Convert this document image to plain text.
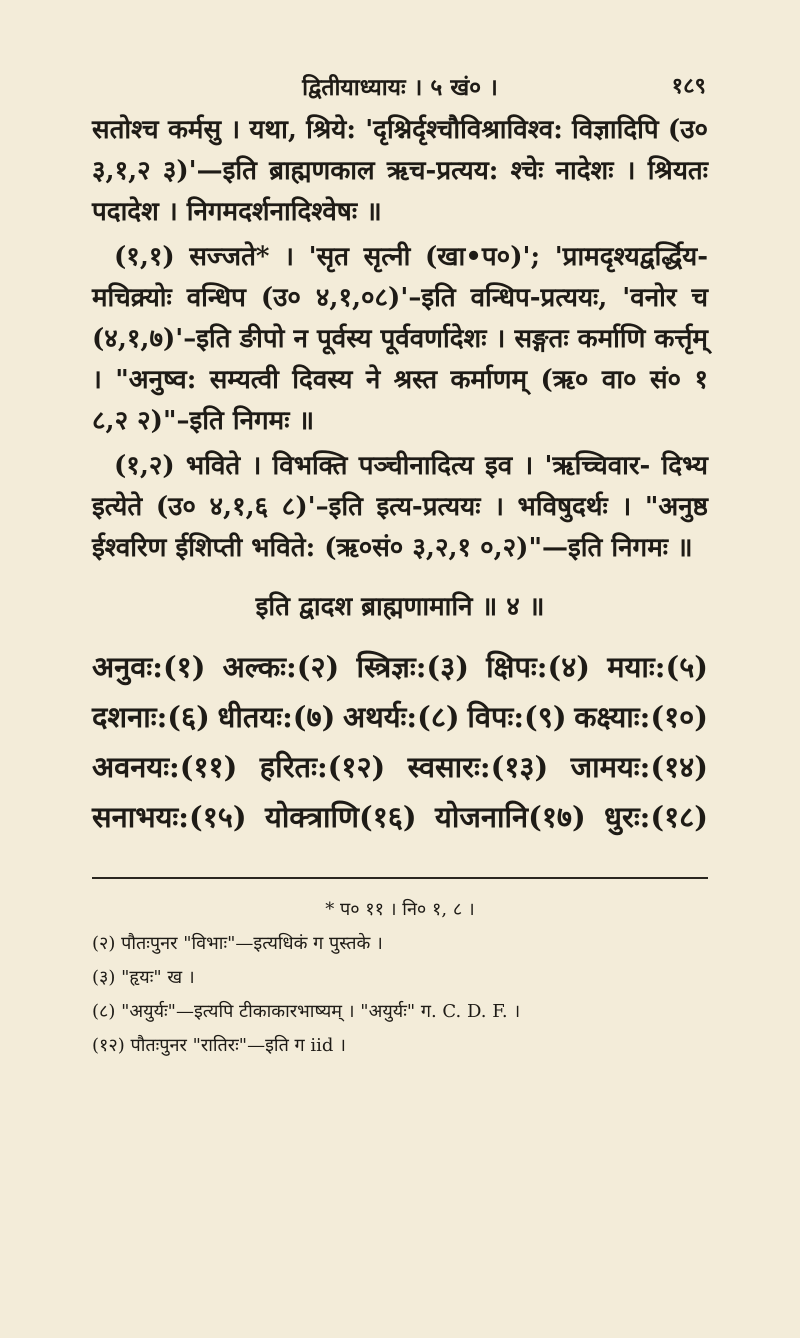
द्वितीयाध्यायः । ५ खं० ।	१८९

सतोश्च कर्मसु । यथा, श्रिये: 'दृश्निर्दृश्चौविश्राविश्व: विज्ञादिपि (उ० ३,१,२ ३)'—इति ब्राह्मणकाल ऋच-प्रत्यय: श्चेः नादेशः । श्रियतः पदादेश । निगमदर्शनादिश्वेषः ॥

(१,१) सज्जते* । 'सृत सृत्नी (खा•प०)'; 'प्रामदृश्यद्वर्द्धिय- मचिक्र्योः वन्धिप (उ० ४,१,०८)'–इति वन्धिप-प्रत्ययः, 'वनोर च (४,१,७)'–इति ङीपो न पूर्वस्य पूर्ववर्णादेशः । सङ्गतः कर्माणि कर्त्तृम् । "अनुष्व: सम्यत्वी दिवस्य ने श्रस्त कर्माणम् (ऋ० वा० सं० १ ८,२ २)"–इति निगमः ॥

(१,२) भविते । विभक्ति पञ्चीनादित्य इव । 'ऋच्चिवार- दिभ्य इत्येते (उ० ४,१,६ ८)'–इति इत्य-प्रत्ययः । भविषुदर्थः । "अनुष्ठ ईश्वरिण ईशिप्ती भविते: (ऋ०सं० ३,२,१ ०,२)"—इति निगमः ॥

इति द्वादश ब्राह्मणामानि ॥ ४ ॥
अनुवः:(१) अल्कः:(२) स्त्रिज्ञः:(३) क्षिपः:(४) मयाः:(५)
दशनाः:(६) धीतयः:(७) अथर्यः:(८) विपः:(९) कक्ष्याः:(१०)
अवनयः:(११) हरितः:(१२) स्वसारः:(१३) जामयः:(१४)
सनाभयः:(१५) योक्त्राणि(१६) योजनानि(१७) धुरः:(१८)
* प० ११ । नि० १, ८ ।
(२) पौतःपुनर "विभाः"—इत्यधिकं ग पुस्तके ।
(३) "हृयः" ख ।
(८) "अयुर्यः"—इत्यपि टीकाकारभाष्यम् । "अयुर्यः" ग. C. D. F. ।
(१२) पौतःपुनर "रातिरः"—इति ग iid ।
